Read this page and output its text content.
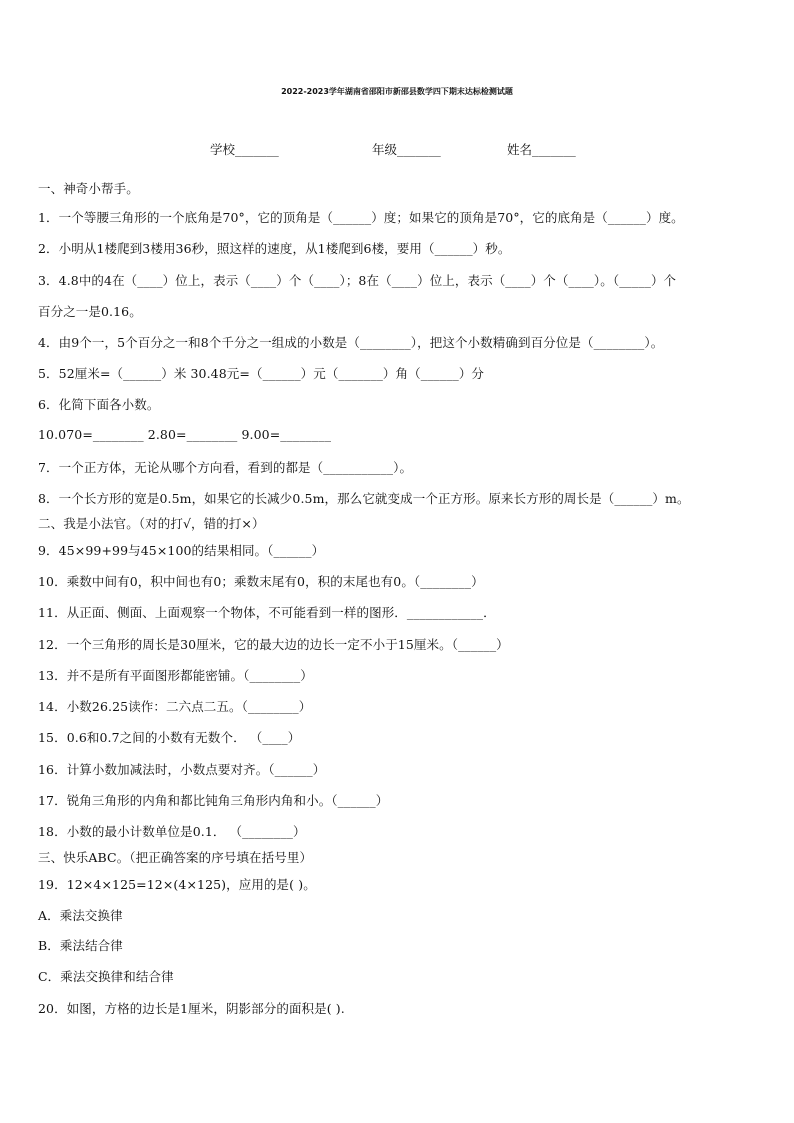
2022-2023学年湖南省邵阳市新邵县数学四下期末达标检测试题
学校_______	年级_______	姓名_______
一、神奇小帮手。
1．一个等腰三角形的一个底角是70°，它的顶角是（______）度；如果它的顶角是70°，它的底角是（______）度。
2．小明从1楼爬到3楼用36秒，照这样的速度，从1楼爬到6楼，要用（______）秒。
3．4.8中的4在（____）位上，表示（____）个（____）；8在（____）位上，表示（____）个（____）。（_____）个
百分之一是0.16。
4．由9个一，5个百分之一和8个千分之一组成的小数是（________），把这个小数精确到百分位是（________）。
5．52厘米=（______）米 30.48元=（______）元（_______）角（______）分
6．化简下面各小数。
10.070=________ 2.80=________ 9.00=________
7．一个正方体，无论从哪个方向看，看到的都是（___________）。
8．一个长方形的宽是0.5m，如果它的长减少0.5m，那么它就变成一个正方形。原来长方形的周长是（______）m。
二、我是小法官。（对的打√，错的打×）
9．45×99+99与45×100的结果相同。（______）
10．乘数中间有0，积中间也有0；乘数末尾有0，积的末尾也有0。（________）
11．从正面、侧面、上面观察一个物体，不可能看到一样的图形．____________．
12．一个三角形的周长是30厘米，它的最大边的边长一定不小于15厘米。（______）
13．并不是所有平面图形都能密铺。（________）
14．小数26.25读作：二六点二五。（________）
15．0.6和0.7之间的小数有无数个． （____）
16．计算小数加减法时，小数点要对齐。（______）
17．锐角三角形的内角和都比钝角三角形内角和小。（______）
18．小数的最小计数单位是0.1． （________）
三、快乐ABC。（把正确答案的序号填在括号里）
19．12×4×125=12×(4×125)，应用的是( )。
A．乘法交换律
B．乘法结合律
C．乘法交换律和结合律
20．如图，方格的边长是1厘米，阴影部分的面积是( ).
